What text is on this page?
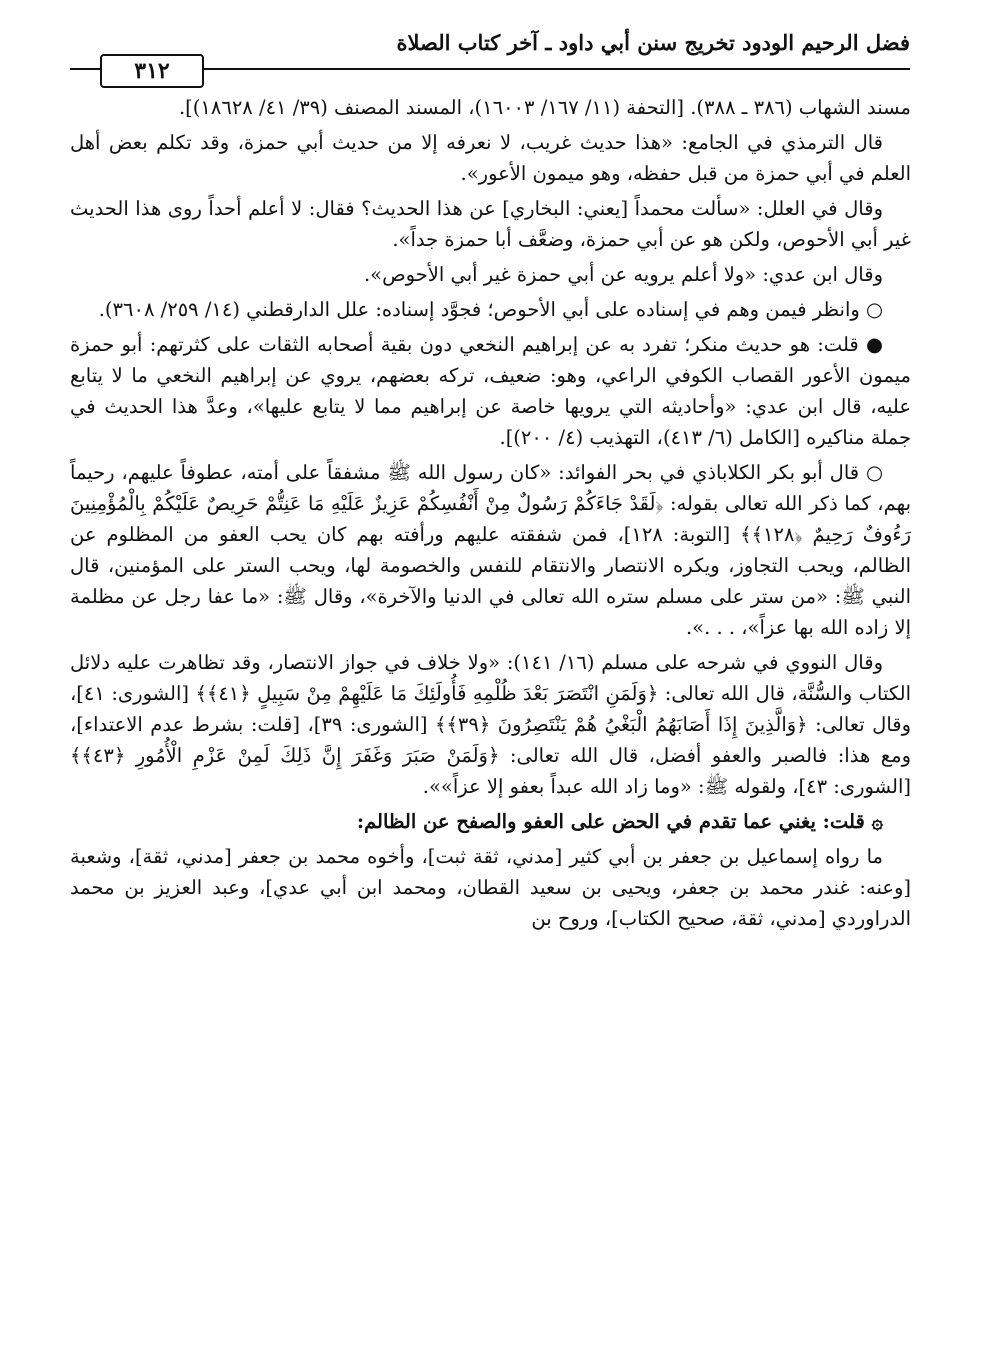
فضل الرحيم الودود تخريج سنن أبي داود ـ آخر كتاب الصلاة
٣١٢

مسند الشهاب (٣٨٦ ـ ٣٨٨). [التحفة (١١/ ١٦٧/ ١٦٠٠٣)، المسند المصنف (٣٩/ ٤١/ ١٨٦٢٨)].

قال الترمذي في الجامع: «هذا حديث غريب، لا نعرفه إلا من حديث أبي حمزة، وقد تكلم بعض أهل العلم في أبي حمزة من قبل حفظه، وهو ميمون الأعور».

وقال في العلل: «سألت محمداً [يعني: البخاري] عن هذا الحديث؟ فقال: لا أعلم أحداً روى هذا الحديث غير أبي الأحوص، ولكن هو عن أبي حمزة، وضعَّف أبا حمزة جداً».

وقال ابن عدي: «ولا أعلم يرويه عن أبي حمزة غير أبي الأحوص».

○ وانظر فيمن وهم في إسناده على أبي الأحوص؛ فجوَّد إسناده: علل الدارقطني (١٤/ ٢٥٩/ ٣٦٠٨).

● قلت: هو حديث منكر؛ تفرد به عن إبراهيم النخعي دون بقية أصحابه الثقات على كثرتهم: أبو حمزة ميمون الأعور القصاب الكوفي الراعي، وهو: ضعيف، تركه بعضهم، يروي عن إبراهيم النخعي ما لا يتابع عليه، قال ابن عدي: «وأحاديثه التي يرويها خاصة عن إبراهيم مما لا يتابع عليها»، وعدَّ هذا الحديث في جملة مناكيره [الكامل (٦/ ٤١٣)، التهذيب (٤/ ٢٠٠)].

○ قال أبو بكر الكلاباذي في بحر الفوائد: «كان رسول الله ﷺ مشفقاً على أمته، عطوفاً عليهم، رحيماً بهم، كما ذكر الله تعالى بقوله: ﴿لَقَدْ جَاءَكُمْ رَسُولٌ مِنْ أَنْفُسِكُمْ عَزِيزٌ عَلَيْهِ مَا عَنِتُّمْ حَرِيصٌ عَلَيْكُمْ بِالْمُؤْمِنِينَ رَءُوفٌ رَحِيمٌ ﴿١٢٨﴾﴾ [التوبة: ١٢٨]، فمن شفقته عليهم ورأفته بهم كان يحب العفو من المظلوم عن الظالم، ويحب التجاوز، ويكره الانتصار والانتقام للنفس والخصومة لها، ويحب الستر على المؤمنين، قال النبي ﷺ: «من ستر على مسلم ستره الله تعالى في الدنيا والآخرة»، وقال ﷺ: «ما عفا رجل عن مظلمة إلا زاده الله بها عزاً»، . . .».

وقال النووي في شرحه على مسلم (١٦/ ١٤١): «ولا خلاف في جواز الانتصار، وقد تظاهرت عليه دلائل الكتاب والسُّنَّة، قال الله تعالى: ﴿وَلَمَنِ انْتَصَرَ بَعْدَ ظُلْمِهِ فَأُولَئِكَ مَا عَلَيْهِمْ مِنْ سَبِيلٍ ﴿٤١﴾﴾ [الشورى: ٤١]، وقال تعالى: ﴿وَالَّذِينَ إِذَا أَصَابَهُمُ الْبَغْيُ هُمْ يَنْتَصِرُونَ ﴿٣٩﴾﴾ [الشورى: ٣٩]، [قلت: بشرط عدم الاعتداء]، ومع هذا: فالصبر والعفو أفضل، قال الله تعالى: ﴿وَلَمَنْ صَبَرَ وَغَفَرَ إِنَّ ذَلِكَ لَمِنْ عَزْمِ الْأُمُورِ ﴿٤٣﴾﴾ [الشورى: ٤٣]، ولقوله ﷺ: «وما زاد الله عبداً بعفو إلا عزاً»».

۞ قلت: يغني عما تقدم في الحض على العفو والصفح عن الظالم:

ما رواه إسماعيل بن جعفر بن أبي كثير [مدني، ثقة ثبت]، وأخوه محمد بن جعفر [مدني، ثقة]، وشعبة [وعنه: غندر محمد بن جعفر، ويحيى بن سعيد القطان، ومحمد ابن أبي عدي]، وعبد العزيز بن محمد الدراوردي [مدني، ثقة، صحيح الكتاب]، وروح بن
